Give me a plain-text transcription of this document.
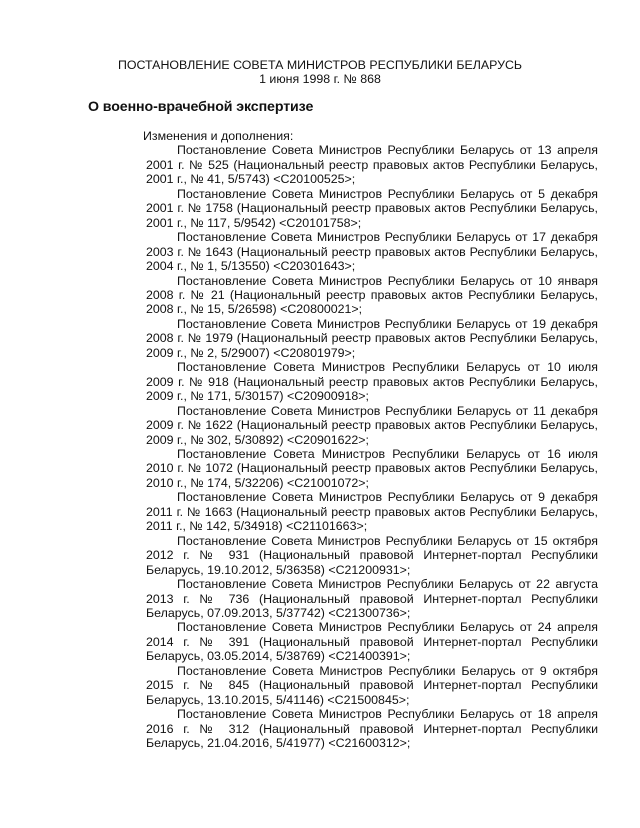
ПОСТАНОВЛЕНИЕ СОВЕТА МИНИСТРОВ РЕСПУБЛИКИ БЕЛАРУСЬ
1 июня 1998 г. № 868
О военно-врачебной экспертизе
Изменения и дополнения:
Постановление Совета Министров Республики Беларусь от 13 апреля 2001 г. № 525 (Национальный реестр правовых актов Республики Беларусь, 2001 г., № 41, 5/5743) <C20100525>;
Постановление Совета Министров Республики Беларусь от 5 декабря 2001 г. № 1758 (Национальный реестр правовых актов Республики Беларусь, 2001 г., № 117, 5/9542) <C20101758>;
Постановление Совета Министров Республики Беларусь от 17 декабря 2003 г. № 1643 (Национальный реестр правовых актов Республики Беларусь, 2004 г., № 1, 5/13550) <C20301643>;
Постановление Совета Министров Республики Беларусь от 10 января 2008 г. № 21 (Национальный реестр правовых актов Республики Беларусь, 2008 г., № 15, 5/26598) <C20800021>;
Постановление Совета Министров Республики Беларусь от 19 декабря 2008 г. № 1979 (Национальный реестр правовых актов Республики Беларусь, 2009 г., № 2, 5/29007) <C20801979>;
Постановление Совета Министров Республики Беларусь от 10 июля 2009 г. № 918 (Национальный реестр правовых актов Республики Беларусь, 2009 г., № 171, 5/30157) <C20900918>;
Постановление Совета Министров Республики Беларусь от 11 декабря 2009 г. № 1622 (Национальный реестр правовых актов Республики Беларусь, 2009 г., № 302, 5/30892) <C20901622>;
Постановление Совета Министров Республики Беларусь от 16 июля 2010 г. № 1072 (Национальный реестр правовых актов Республики Беларусь, 2010 г., № 174, 5/32206) <C21001072>;
Постановление Совета Министров Республики Беларусь от 9 декабря 2011 г. № 1663 (Национальный реестр правовых актов Республики Беларусь, 2011 г., № 142, 5/34918) <C21101663>;
Постановление Совета Министров Республики Беларусь от 15 октября 2012 г. № 931 (Национальный правовой Интернет-портал Республики Беларусь, 19.10.2012, 5/36358) <C21200931>;
Постановление Совета Министров Республики Беларусь от 22 августа 2013 г. № 736 (Национальный правовой Интернет-портал Республики Беларусь, 07.09.2013, 5/37742) <C21300736>;
Постановление Совета Министров Республики Беларусь от 24 апреля 2014 г. № 391 (Национальный правовой Интернет-портал Республики Беларусь, 03.05.2014, 5/38769) <C21400391>;
Постановление Совета Министров Республики Беларусь от 9 октября 2015 г. № 845 (Национальный правовой Интернет-портал Республики Беларусь, 13.10.2015, 5/41146) <C21500845>;
Постановление Совета Министров Республики Беларусь от 18 апреля 2016 г. № 312 (Национальный правовой Интернет-портал Республики Беларусь, 21.04.2016, 5/41977) <C21600312>;
